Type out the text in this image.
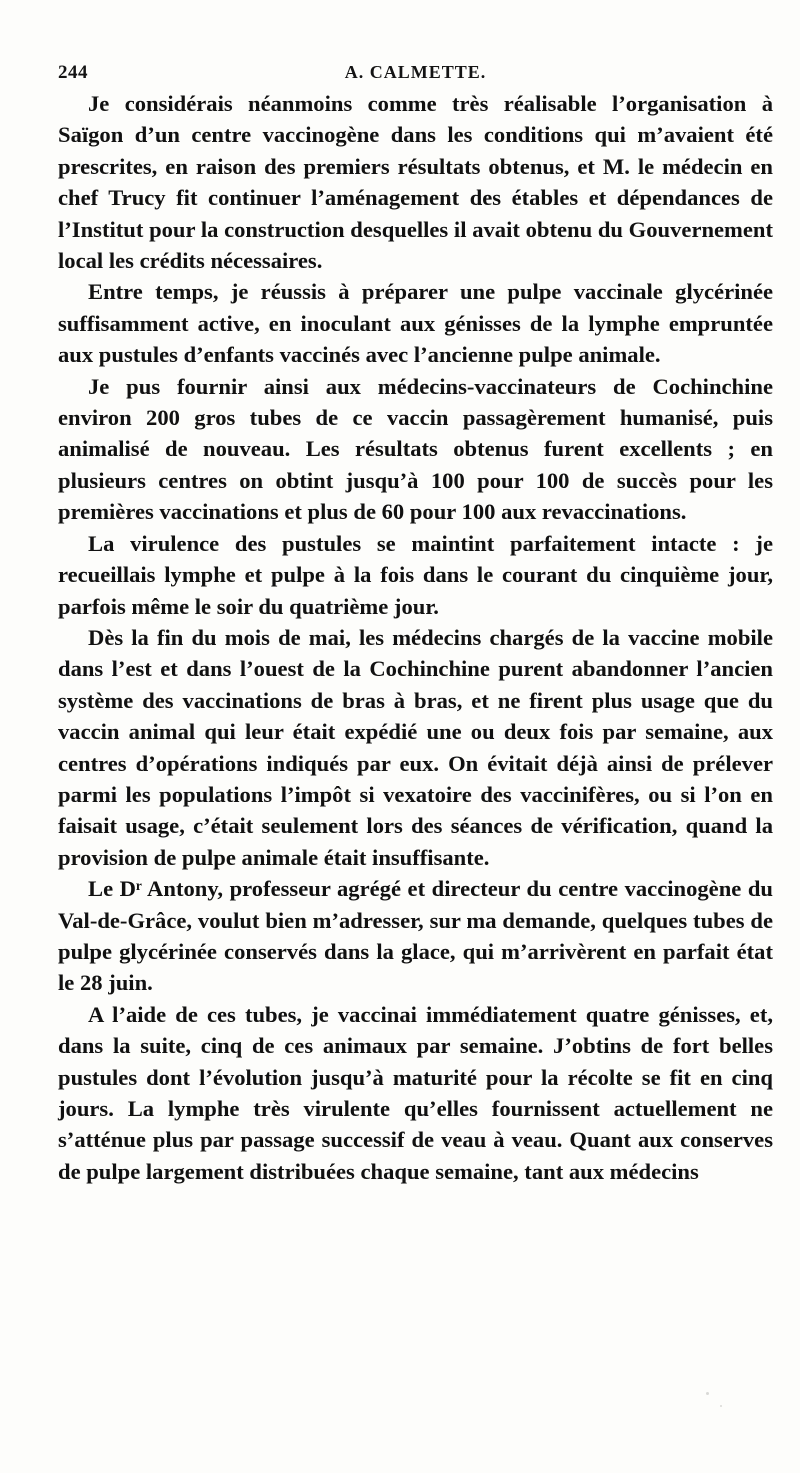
244	A. CALMETTE.

Je considérais néanmoins comme très réalisable l’organisation à Saïgon d’un centre vaccinogène dans les conditions qui m’avaient été prescrites, en raison des premiers résultats obtenus, et M. le médecin en chef Trucy fit continuer l’aménagement des étables et dépendances de l’Institut pour la construction desquelles il avait obtenu du Gouvernement local les crédits nécessaires.

Entre temps, je réussis à préparer une pulpe vaccinale glycérinée suffisamment active, en inoculant aux génisses de la lymphe empruntée aux pustules d’enfants vaccinés avec l’ancienne pulpe animale.

Je pus fournir ainsi aux médecins-vaccinateurs de Cochinchine environ 200 gros tubes de ce vaccin passagèrement humanisé, puis animalisé de nouveau. Les résultats obtenus furent excellents ; en plusieurs centres on obtint jusqu’à 100 pour 100 de succès pour les premières vaccinations et plus de 60 pour 100 aux revaccinations.

La virulence des pustules se maintint parfaitement intacte : je recueillais lymphe et pulpe à la fois dans le courant du cinquième jour, parfois même le soir du quatrième jour.

Dès la fin du mois de mai, les médecins chargés de la vaccine mobile dans l’est et dans l’ouest de la Cochinchine purent abandonner l’ancien système des vaccinations de bras à bras, et ne firent plus usage que du vaccin animal qui leur était expédié une ou deux fois par semaine, aux centres d’opérations indiqués par eux. On évitait déjà ainsi de prélever parmi les populations l’impôt si vexatoire des vaccinifères, ou si l’on en faisait usage, c’était seulement lors des séances de vérification, quand la provision de pulpe animale était insuffisante.

Le Dʳ Antony, professeur agrégé et directeur du centre vaccinogène du Val-de-Grâce, voulut bien m’adresser, sur ma demande, quelques tubes de pulpe glycérinée conservés dans la glace, qui m’arrivèrent en parfait état le 28 juin.

A l’aide de ces tubes, je vaccinai immédiatement quatre génisses, et, dans la suite, cinq de ces animaux par semaine. J’obtins de fort belles pustules dont l’évolution jusqu’à maturité pour la récolte se fit en cinq jours. La lymphe très virulente qu’elles fournissent actuellement ne s’atténue plus par passage successif de veau à veau. Quant aux conserves de pulpe largement distribuées chaque semaine, tant aux médecins
